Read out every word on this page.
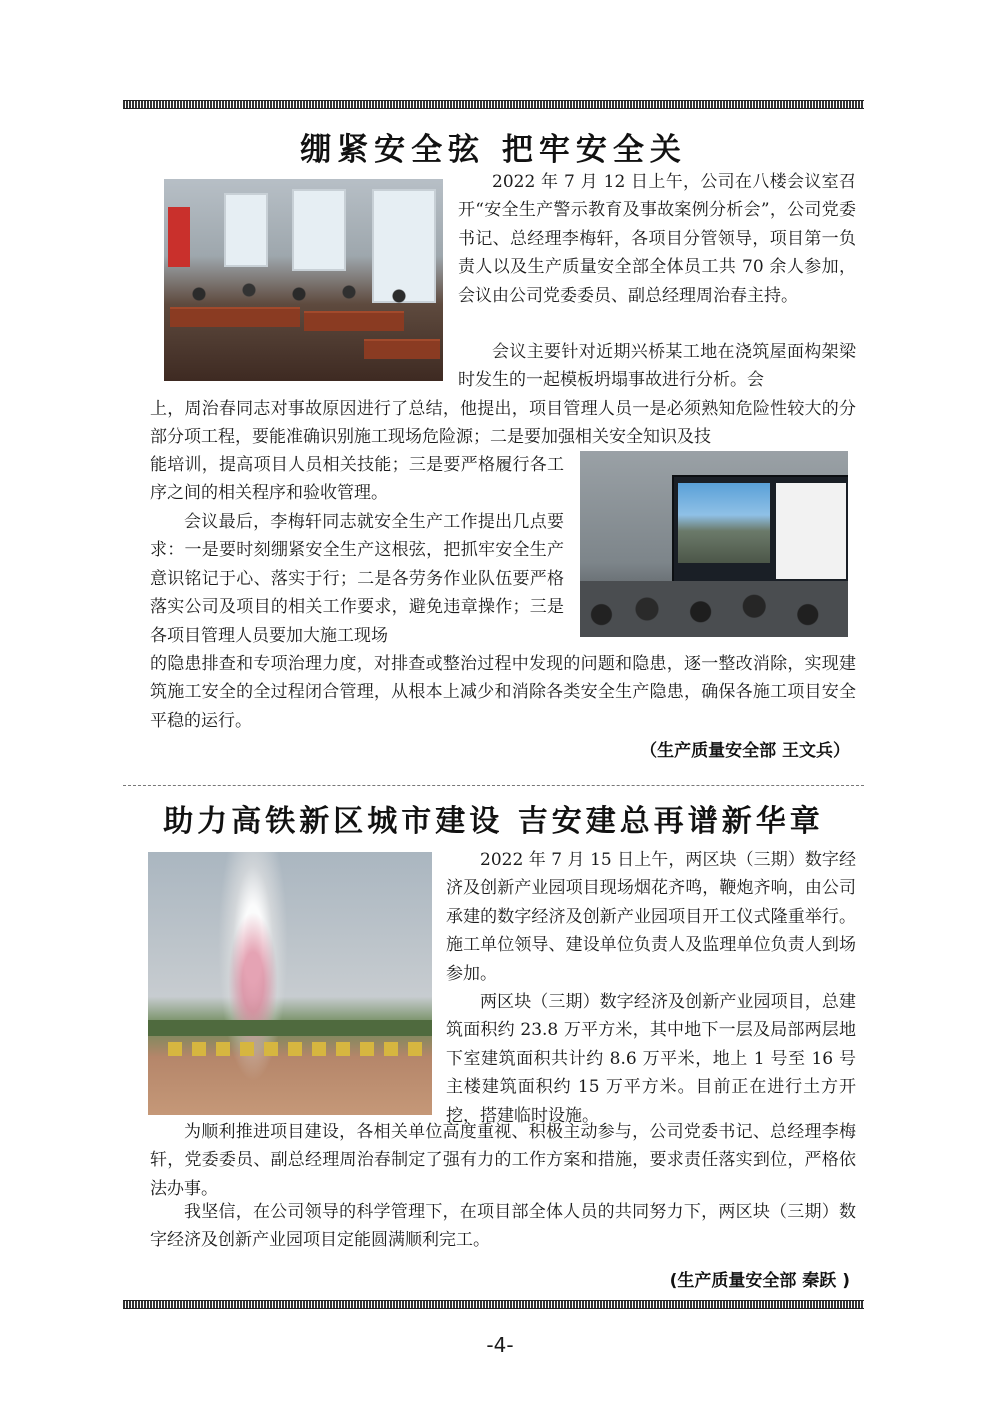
绷紧安全弦 把牢安全关

2022 年 7 月 12 日上午，公司在八楼会议室召开“安全生产警示教育及事故案例分析会”，公司党委书记、总经理李梅轩，各项目分管领导，项目第一负责人以及生产质量安全部全体员工共 70 余人参加，会议由公司党委委员、副总经理周治春主持。

会议主要针对近期兴桥某工地在浇筑屋面构架梁时发生的一起模板坍塌事故进行分析。会

上，周治春同志对事故原因进行了总结，他提出，项目管理人员一是必须熟知危险性较大的分部分项工程，要能准确识别施工现场危险源；二是要加强相关安全知识及技

能培训，提高项目人员相关技能；三是要严格履行各工序之间的相关程序和验收管理。

会议最后，李梅轩同志就安全生产工作提出几点要求：一是要时刻绷紧安全生产这根弦，把抓牢安全生产意识铭记于心、落实于行；二是各劳务作业队伍要严格落实公司及项目的相关工作要求，避免违章操作；三是各项目管理人员要加大施工现场

的隐患排查和专项治理力度，对排查或整治过程中发现的问题和隐患，逐一整改消除，实现建筑施工安全的全过程闭合管理，从根本上减少和消除各类安全生产隐患，确保各施工项目安全平稳的运行。

（生产质量安全部 王文兵）

助力高铁新区城市建设 吉安建总再谱新华章

2022 年 7 月 15 日上午，两区块（三期）数字经济及创新产业园项目现场烟花齐鸣，鞭炮齐响，由公司承建的数字经济及创新产业园项目开工仪式隆重举行。施工单位领导、建设单位负责人及监理单位负责人到场参加。

两区块（三期）数字经济及创新产业园项目，总建筑面积约 23.8 万平方米，其中地下一层及局部两层地下室建筑面积共计约 8.6 万平米，地上 1 号至 16 号主楼建筑面积约 15 万平方米。目前正在进行土方开挖，搭建临时设施。

为顺利推进项目建设，各相关单位高度重视、积极主动参与，公司党委书记、总经理李梅轩，党委委员、副总经理周治春制定了强有力的工作方案和措施，要求责任落实到位，严格依法办事。

我坚信，在公司领导的科学管理下，在项目部全体人员的共同努力下，两区块（三期）数字经济及创新产业园项目定能圆满顺利完工。

(生产质量安全部 秦跃 )

-4-
